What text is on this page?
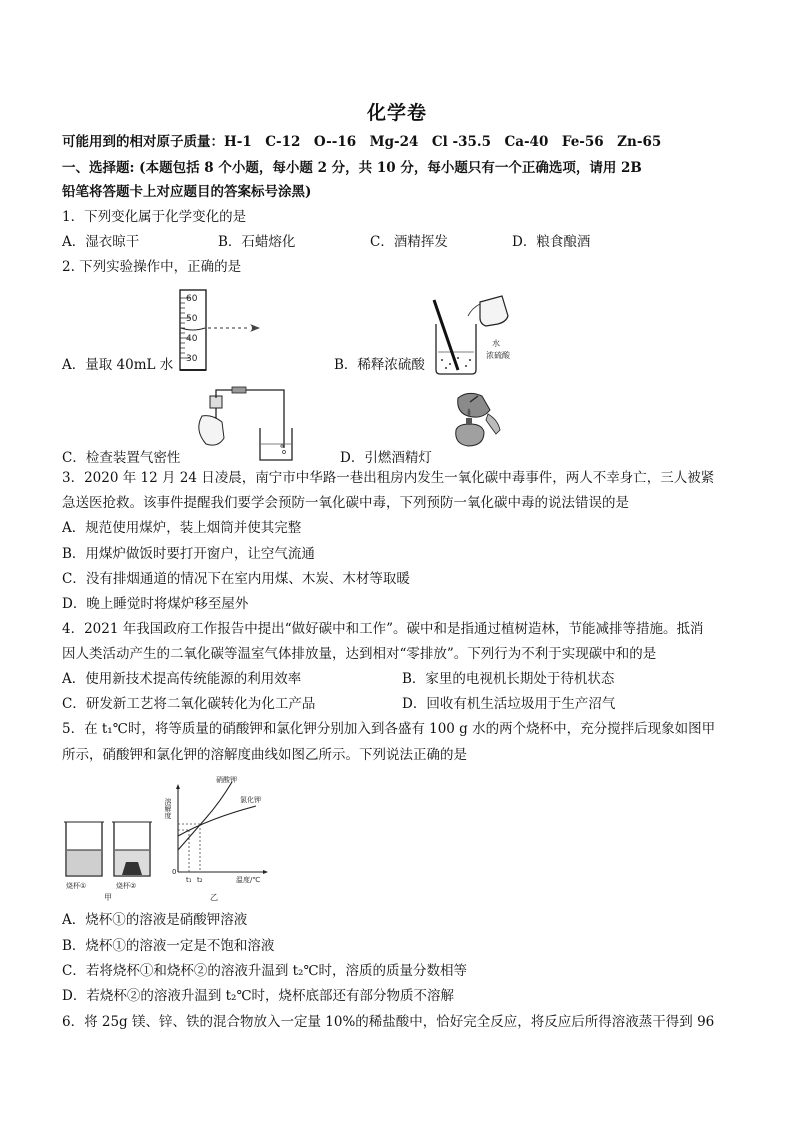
化学卷
可能用到的相对原子质量：H-1　C-12　O--16　Mg-24　Cl -35.5　Ca-40　Fe-56　Zn-65
一、选择题: (本题包括 8 个小题，每小题 2 分，共 10 分，每小题只有一个正确选项，请用 2B
铅笔将答题卡上对应题目的答案标号涂黑)
1．下列变化属于化学变化的是
A．湿衣晾干	B．石蜡熔化	C．酒精挥发	D．粮食酿酒
2. 下列实验操作中，正确的是
60
50
40
30
A．量取 40mL 水
水
浓硫酸
B．稀释浓硫酸
C．检查装置气密性	D．引燃酒精灯
3．2020 年 12 月 24 日凌晨，南宁市中华路一巷出租房内发生一氧化碳中毒事件，两人不幸身亡，三人被紧
急送医抢救。该事件提醒我们要学会预防一氧化碳中毒，下列预防一氧化碳中毒的说法错误的是
A．规范使用煤炉，装上烟筒并使其完整
B．用煤炉做饭时要打开窗户，让空气流通
C．没有排烟通道的情况下在室内用煤、木炭、木材等取暖
D．晚上睡觉时将煤炉移至屋外
4．2021 年我国政府工作报告中提出“做好碳中和工作”。碳中和是指通过植树造林，节能减排等措施。抵消
因人类活动产生的二氧化碳等温室气体排放量，达到相对“零排放”。下列行为不利于实现碳中和的是
A．使用新技术提高传统能源的利用效率	B．家里的电视机长期处于待机状态
C．研发新工艺将二氧化碳转化为化工产品	D．回收有机生活垃圾用于生产沼气
5．在 t₁℃时，将等质量的硝酸钾和氯化钾分别加入到各盛有 100 g 水的两个烧杯中，充分搅拌后现象如图甲
所示，硝酸钾和氯化钾的溶解度曲线如图乙所示。下列说法正确的是
烧杯①	烧杯②
甲
溶解度
0
温度/℃
t₁ t₂
硝酸钾
氯化钾
乙
A．烧杯①的溶液是硝酸钾溶液
B．烧杯①的溶液一定是不饱和溶液
C．若将烧杯①和烧杯②的溶液升温到 t₂℃时，溶质的质量分数相等
D．若烧杯②的溶液升温到 t₂℃时，烧杯底部还有部分物质不溶解
6．将 25g 镁、锌、铁的混合物放入一定量 10%的稀盐酸中，恰好完全反应，将反应后所得溶液蒸干得到 96
